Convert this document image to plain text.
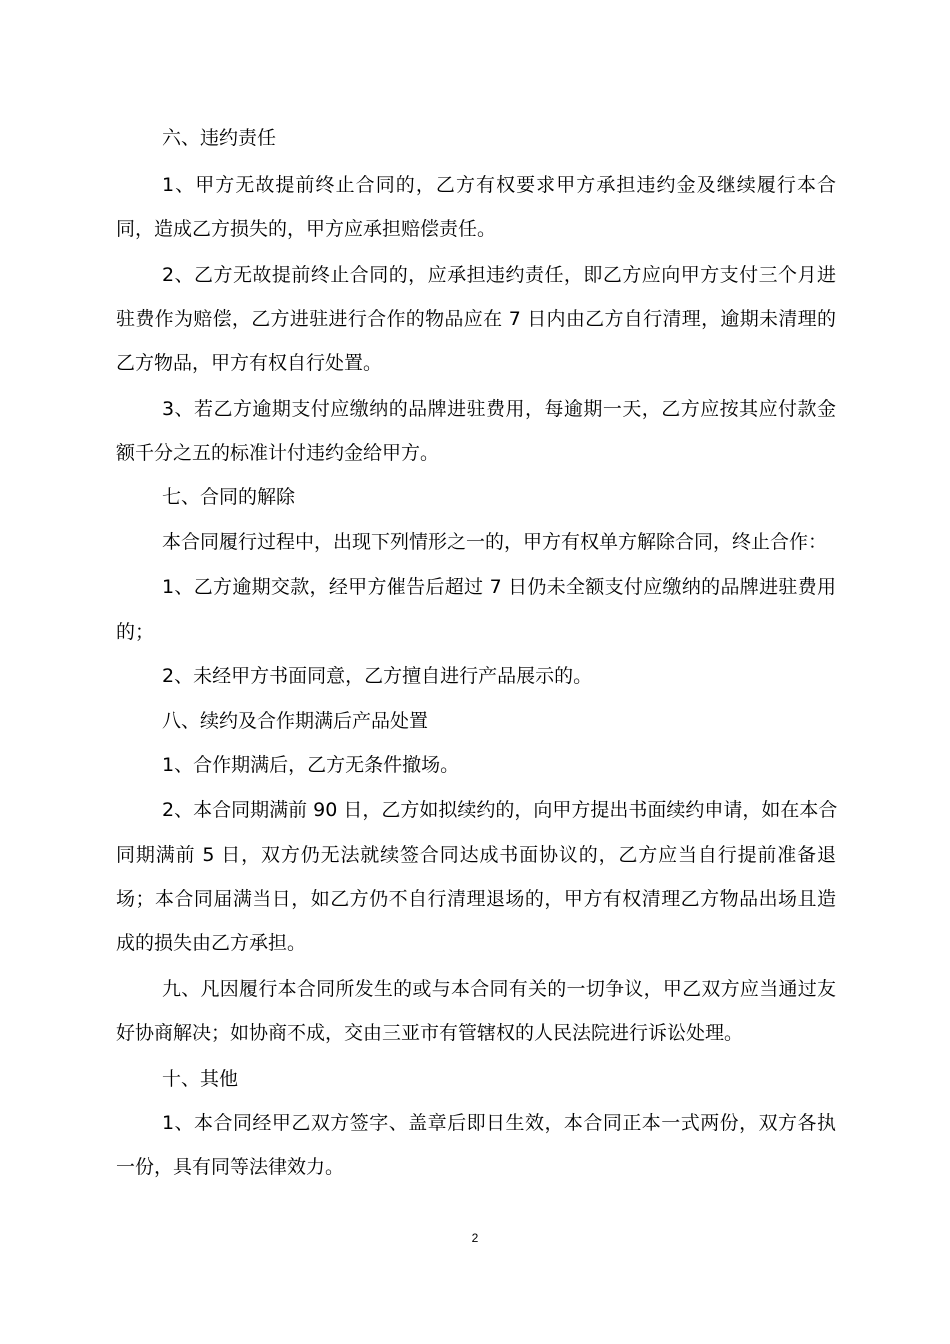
六、违约责任

1、甲方无故提前终止合同的，乙方有权要求甲方承担违约金及继续履行本合

同，造成乙方损失的，甲方应承担赔偿责任。

2、乙方无故提前终止合同的，应承担违约责任，即乙方应向甲方支付三个月进

驻费作为赔偿，乙方进驻进行合作的物品应在 7 日内由乙方自行清理，逾期未清理的

乙方物品，甲方有权自行处置。

3、若乙方逾期支付应缴纳的品牌进驻费用，每逾期一天，乙方应按其应付款金

额千分之五的标准计付违约金给甲方。

七、合同的解除

本合同履行过程中，出现下列情形之一的，甲方有权单方解除合同，终止合作：

1、乙方逾期交款，经甲方催告后超过 7 日仍未全额支付应缴纳的品牌进驻费用

的；

2、未经甲方书面同意，乙方擅自进行产品展示的。

八、续约及合作期满后产品处置

1、合作期满后，乙方无条件撤场。

2、本合同期满前 90 日，乙方如拟续约的，向甲方提出书面续约申请，如在本合

同期满前 5 日，双方仍无法就续签合同达成书面协议的，乙方应当自行提前准备退

场；本合同届满当日，如乙方仍不自行清理退场的，甲方有权清理乙方物品出场且造

成的损失由乙方承担。

九、凡因履行本合同所发生的或与本合同有关的一切争议，甲乙双方应当通过友

好协商解决；如协商不成，交由三亚市有管辖权的人民法院进行诉讼处理。

十、其他

1、本合同经甲乙双方签字、盖章后即日生效，本合同正本一式两份，双方各执

一份，具有同等法律效力。

2
